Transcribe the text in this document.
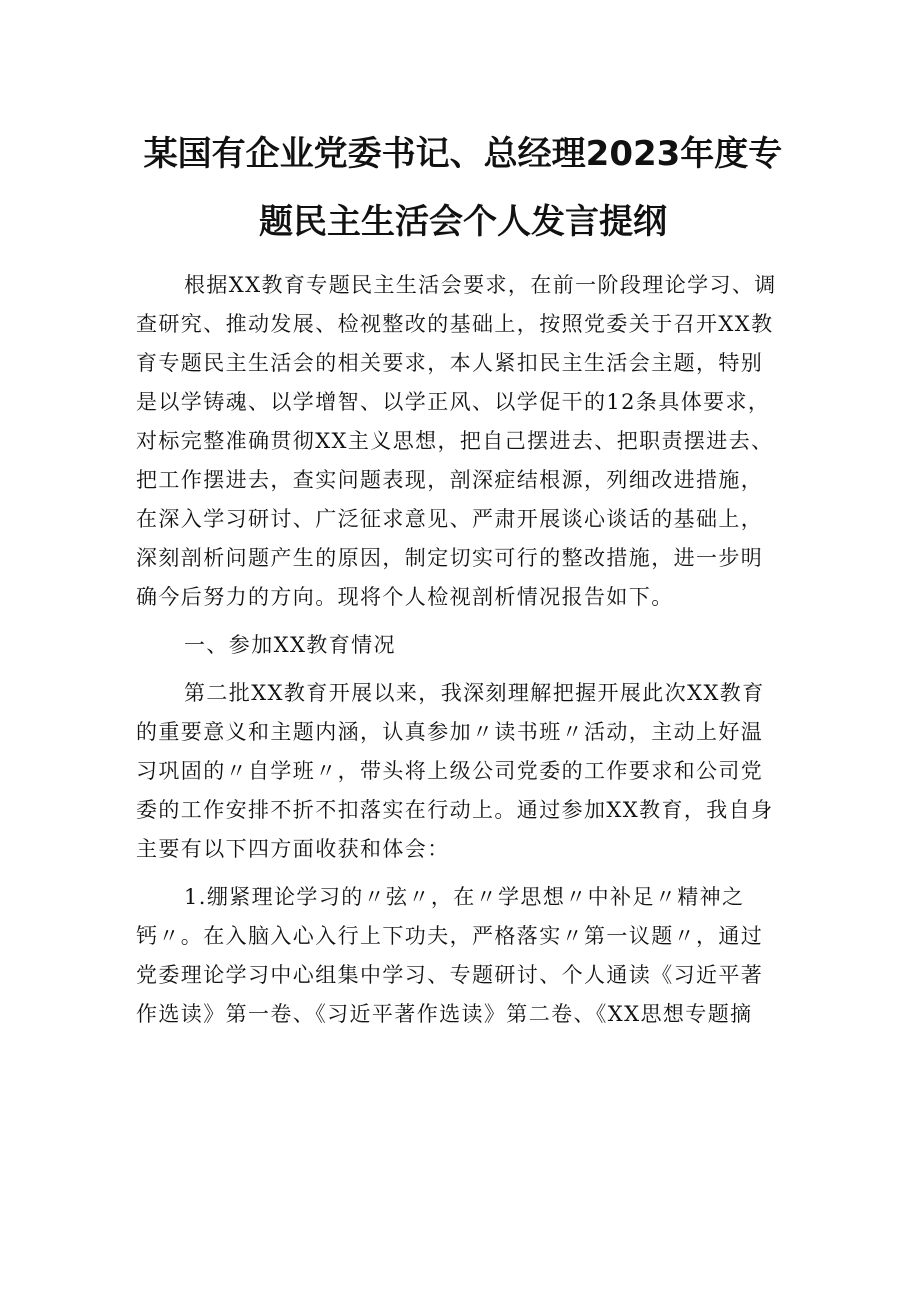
某国有企业党委书记、总经理2023年度专
题民主生活会个人发言提纲
根据XX教育专题民主生活会要求，在前一阶段理论学习、调
查研究、推动发展、检视整改的基础上，按照党委关于召开XX教
育专题民主生活会的相关要求，本人紧扣民主生活会主题，特别
是以学铸魂、以学增智、以学正风、以学促干的12条具体要求，
对标完整准确贯彻XX主义思想，把自己摆进去、把职责摆进去、
把工作摆进去，查实问题表现，剖深症结根源，列细改进措施，
在深入学习研讨、广泛征求意见、严肃开展谈心谈话的基础上，
深刻剖析问题产生的原因，制定切实可行的整改措施，进一步明
确今后努力的方向。现将个人检视剖析情况报告如下。
一、参加XX教育情况
第二批XX教育开展以来，我深刻理解把握开展此次XX教育
的重要意义和主题内涵，认真参加〃读书班〃活动，主动上好温
习巩固的〃自学班〃，带头将上级公司党委的工作要求和公司党
委的工作安排不折不扣落实在行动上。通过参加XX教育，我自身
主要有以下四方面收获和体会：
1.绷紧理论学习的〃弦〃，在〃学思想〃中补足〃精神之
钙〃。在入脑入心入行上下功夫，严格落实〃第一议题〃，通过
党委理论学习中心组集中学习、专题研讨、个人通读《习近平著
作选读》第一卷、《习近平著作选读》第二卷、《XX思想专题摘
